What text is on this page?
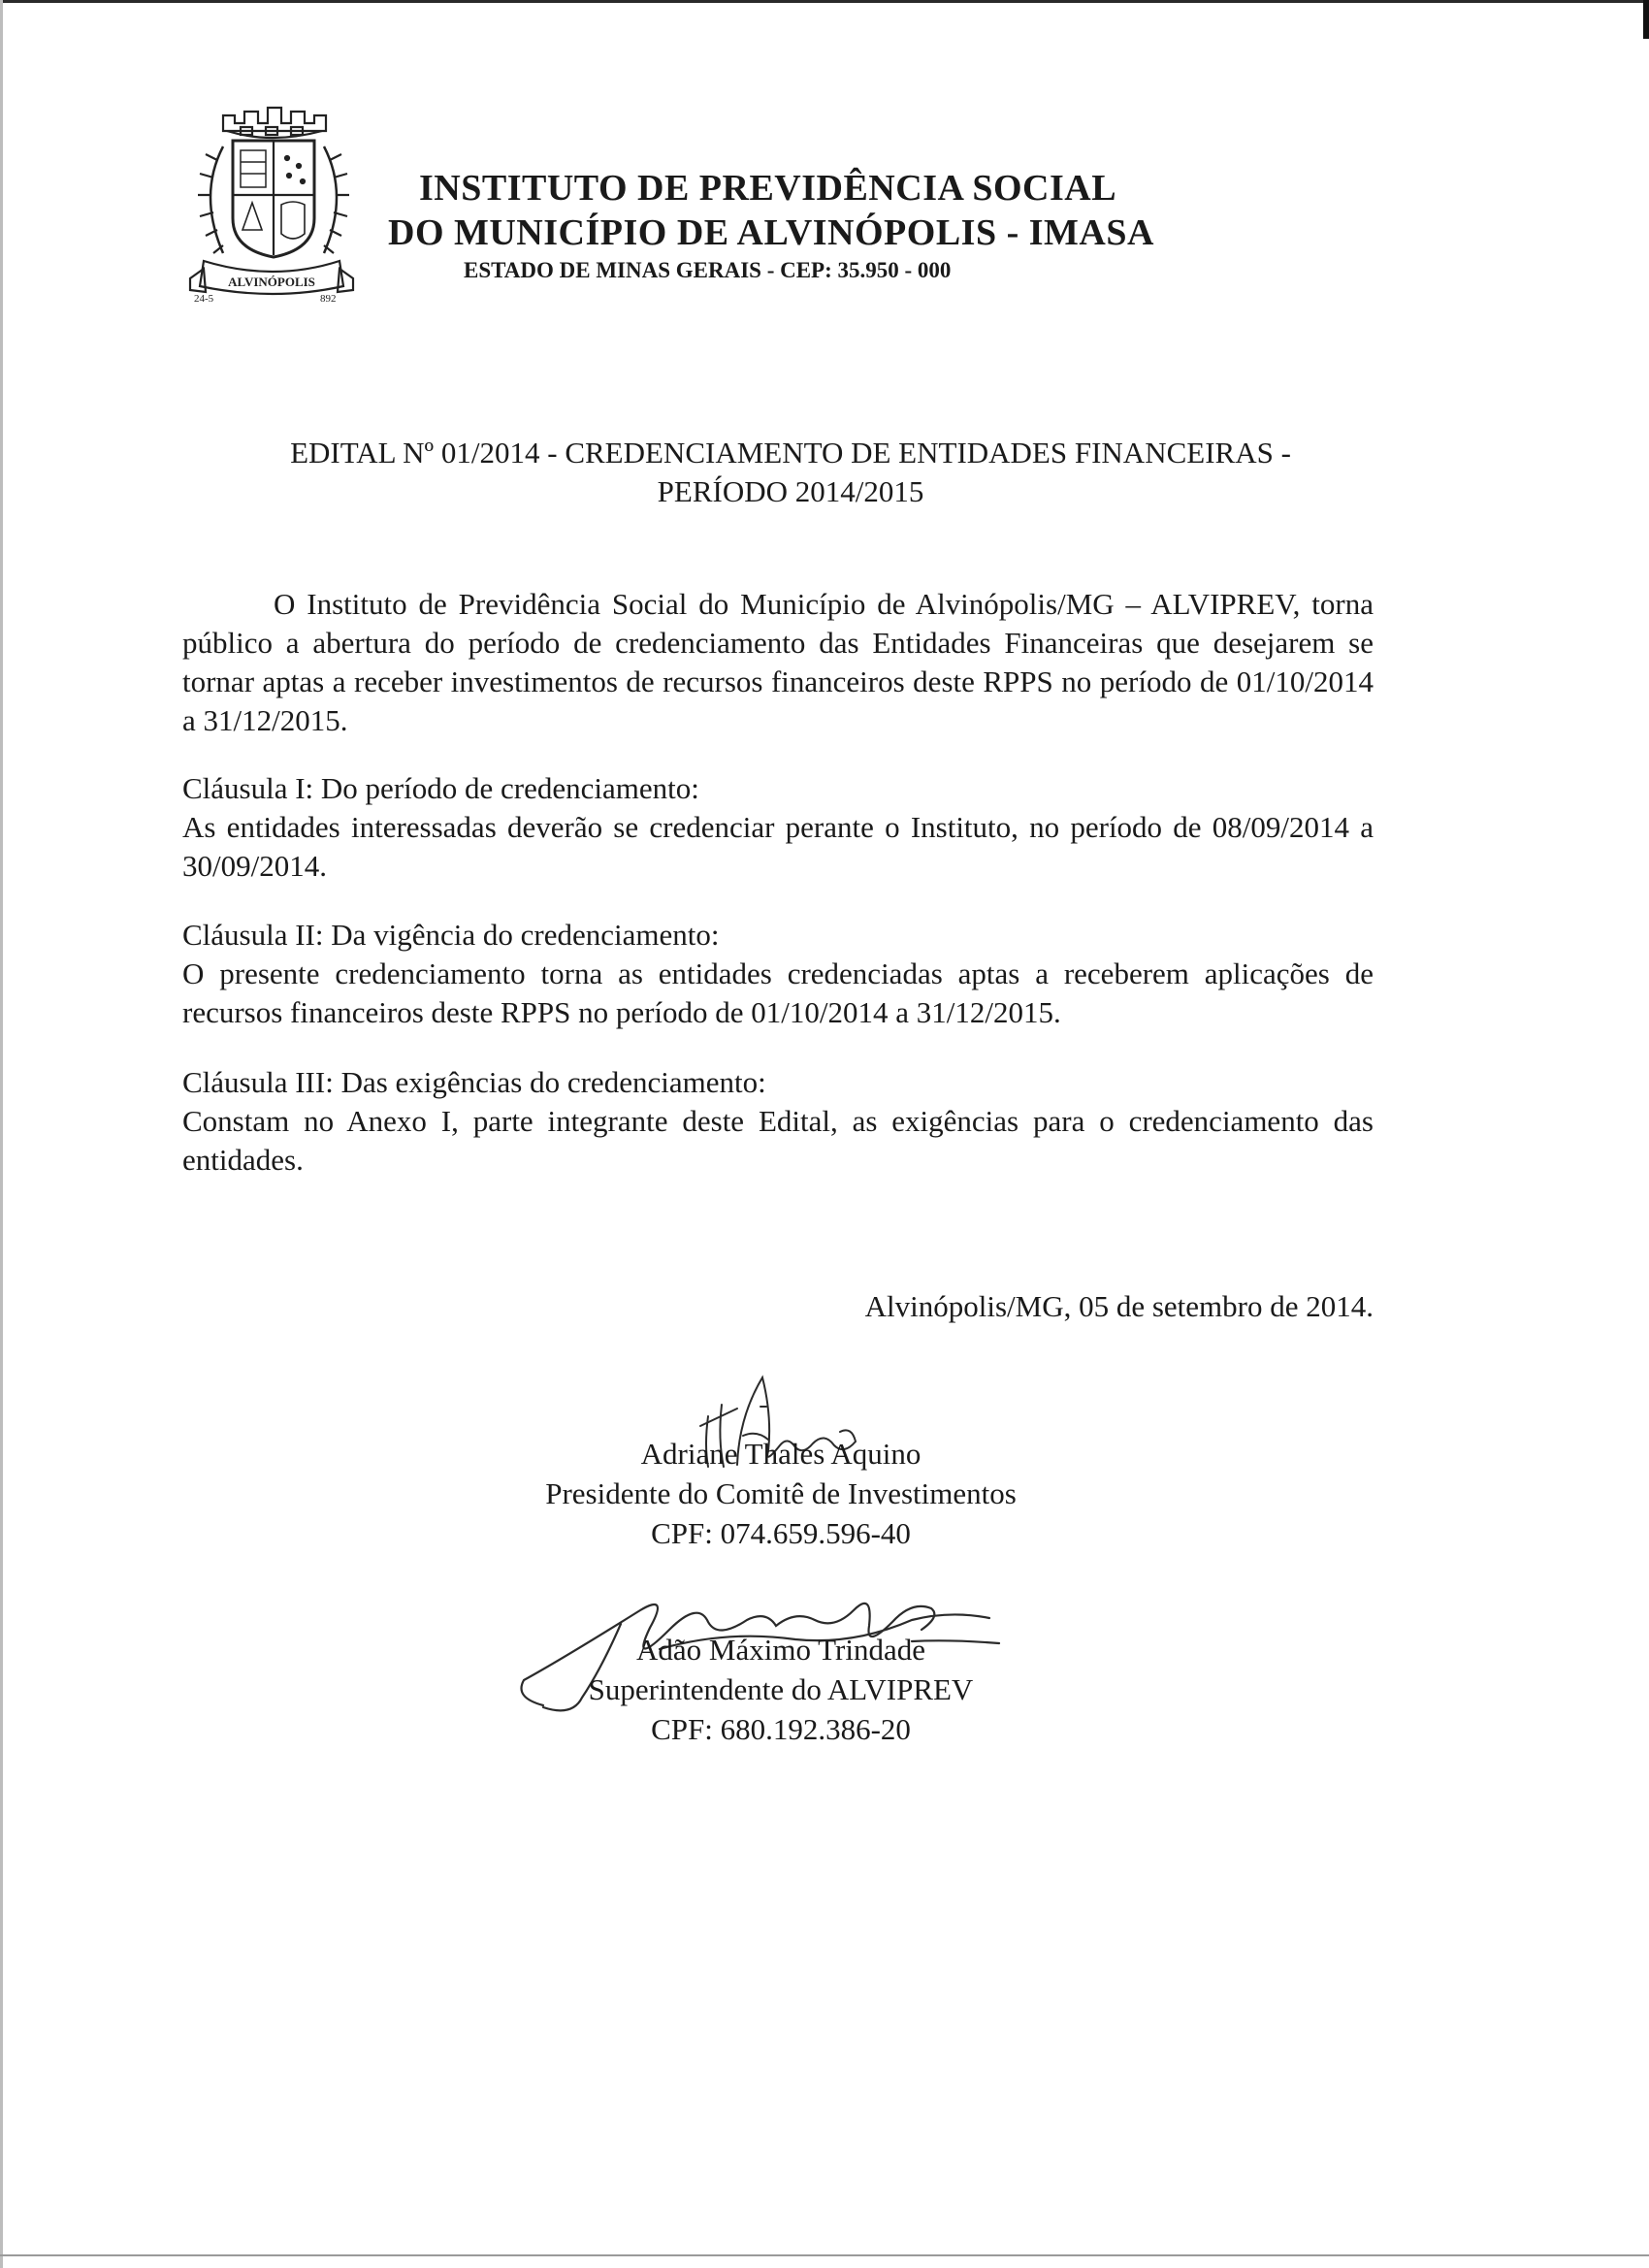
ALVINÓPOLIS
24-5	892
INSTITUTO DE PREVIDÊNCIA SOCIAL
DO MUNICÍPIO DE ALVINÓPOLIS - IMASA
ESTADO DE MINAS GERAIS - CEP: 35.950 - 000
EDITAL Nº 01/2014 - CREDENCIAMENTO DE ENTIDADES FINANCEIRAS -
PERÍODO 2014/2015

O Instituto de Previdência Social do Município de Alvinópolis/MG – ALVIPREV, torna público a abertura do período de credenciamento das Entidades Financeiras que desejarem se tornar aptas a receber investimentos de recursos financeiros deste RPPS no período de 01/10/2014 a 31/12/2015.

Cláusula I: Do período de credenciamento:
As entidades interessadas deverão se credenciar perante o Instituto, no período de 08/09/2014 a 30/09/2014.
Cláusula II: Da vigência do credenciamento:
O presente credenciamento torna as entidades credenciadas aptas a receberem aplicações de recursos financeiros deste RPPS no período de 01/10/2014 a 31/12/2015.
Cláusula III: Das exigências do credenciamento:
Constam no Anexo I, parte integrante deste Edital, as exigências para o credenciamento das entidades.
Alvinópolis/MG, 05 de setembro de 2014.
Adriane Thales Aquino
Presidente do Comitê de Investimentos
CPF: 074.659.596-40
Adão Máximo Trindade
Superintendente do ALVIPREV
CPF: 680.192.386-20
